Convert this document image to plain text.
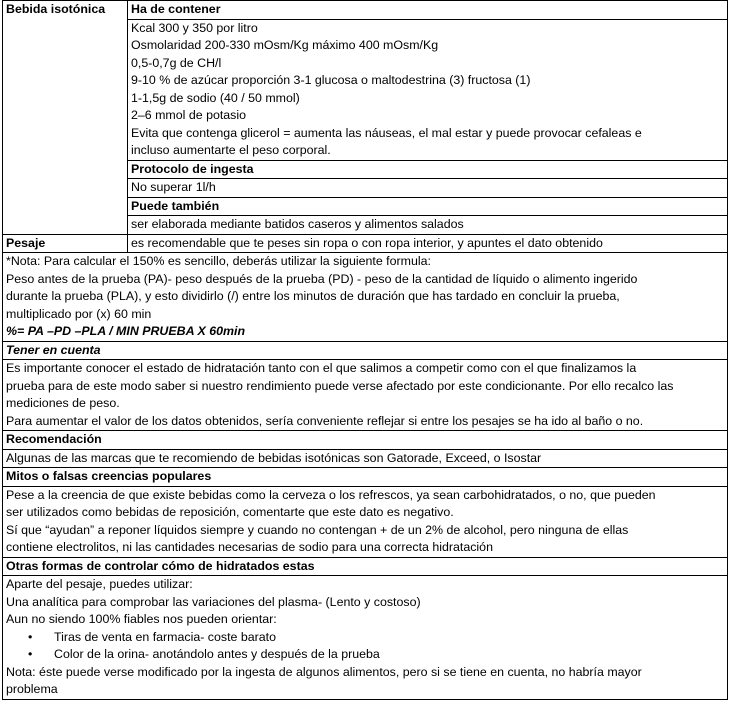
Bebida isotónica	Ha de contener

Kcal 300 y 350 por litro
Osmolaridad 200-330 mOsm/Kg máximo 400 mOsm/Kg
0,5-0,7g de CH/l
9-10 % de azúcar proporción 3-1 glucosa o maltodestrina (3) fructosa (1)
1-1,5g de sodio (40 / 50 mmol)
2–6 mmol de potasio
Evita que contenga glicerol = aumenta las náuseas, el mal estar y puede provocar cefaleas e
incluso aumentarte el peso corporal.

Protocolo de ingesta
No superar 1l/h
Puede también
ser elaborada mediante batidos caseros y alimentos salados

Pesaje	es recomendable que te peses sin ropa o con ropa interior, y apuntes el dato obtenido

*Nota: Para calcular el 150% es sencillo, deberás utilizar la siguiente formula:
Peso antes de la prueba (PA)- peso después de la prueba (PD) - peso de la cantidad de líquido o alimento ingerido
durante la prueba (PLA), y esto dividirlo (/) entre los minutos de duración que has tardado en concluir la prueba,
multiplicado por (x) 60 min
%= PA –PD –PLA / MIN PRUEBA X 60min

Tener en cuenta

Es importante conocer el estado de hidratación tanto con el que salimos a competir como con el que finalizamos la
prueba para de este modo saber si nuestro rendimiento puede verse afectado por este condicionante. Por ello recalco las
mediciones de peso.
Para aumentar el valor de los datos obtenidos, sería conveniente reflejar si entre los pesajes se ha ido al baño o no.

Recomendación
Algunas de las marcas que te recomiendo de bebidas isotónicas son Gatorade, Exceed, o Isostar
Mitos o falsas creencias populares

Pese a la creencia de que existe bebidas como la cerveza o los refrescos, ya sean carbohidratados, o no, que pueden
ser utilizados como bebidas de reposición, comentarte que este dato es negativo.
Sí que “ayudan” a reponer líquidos siempre y cuando no contengan + de un 2% de alcohol, pero ninguna de ellas
contiene electrolitos, ni las cantidades necesarias de sodio para una correcta hidratación

Otras formas de controlar cómo de hidratados estas

Aparte del pesaje, puedes utilizar:
Una analítica para comprobar las variaciones del plasma- (Lento y costoso)
Aun no siendo 100% fiables nos pueden orientar:
• Tiras de venta en farmacia- coste barato
• Color de la orina- anotándolo antes y después de la prueba
Nota: éste puede verse modificado por la ingesta de algunos alimentos, pero si se tiene en cuenta, no habría mayor
problema
